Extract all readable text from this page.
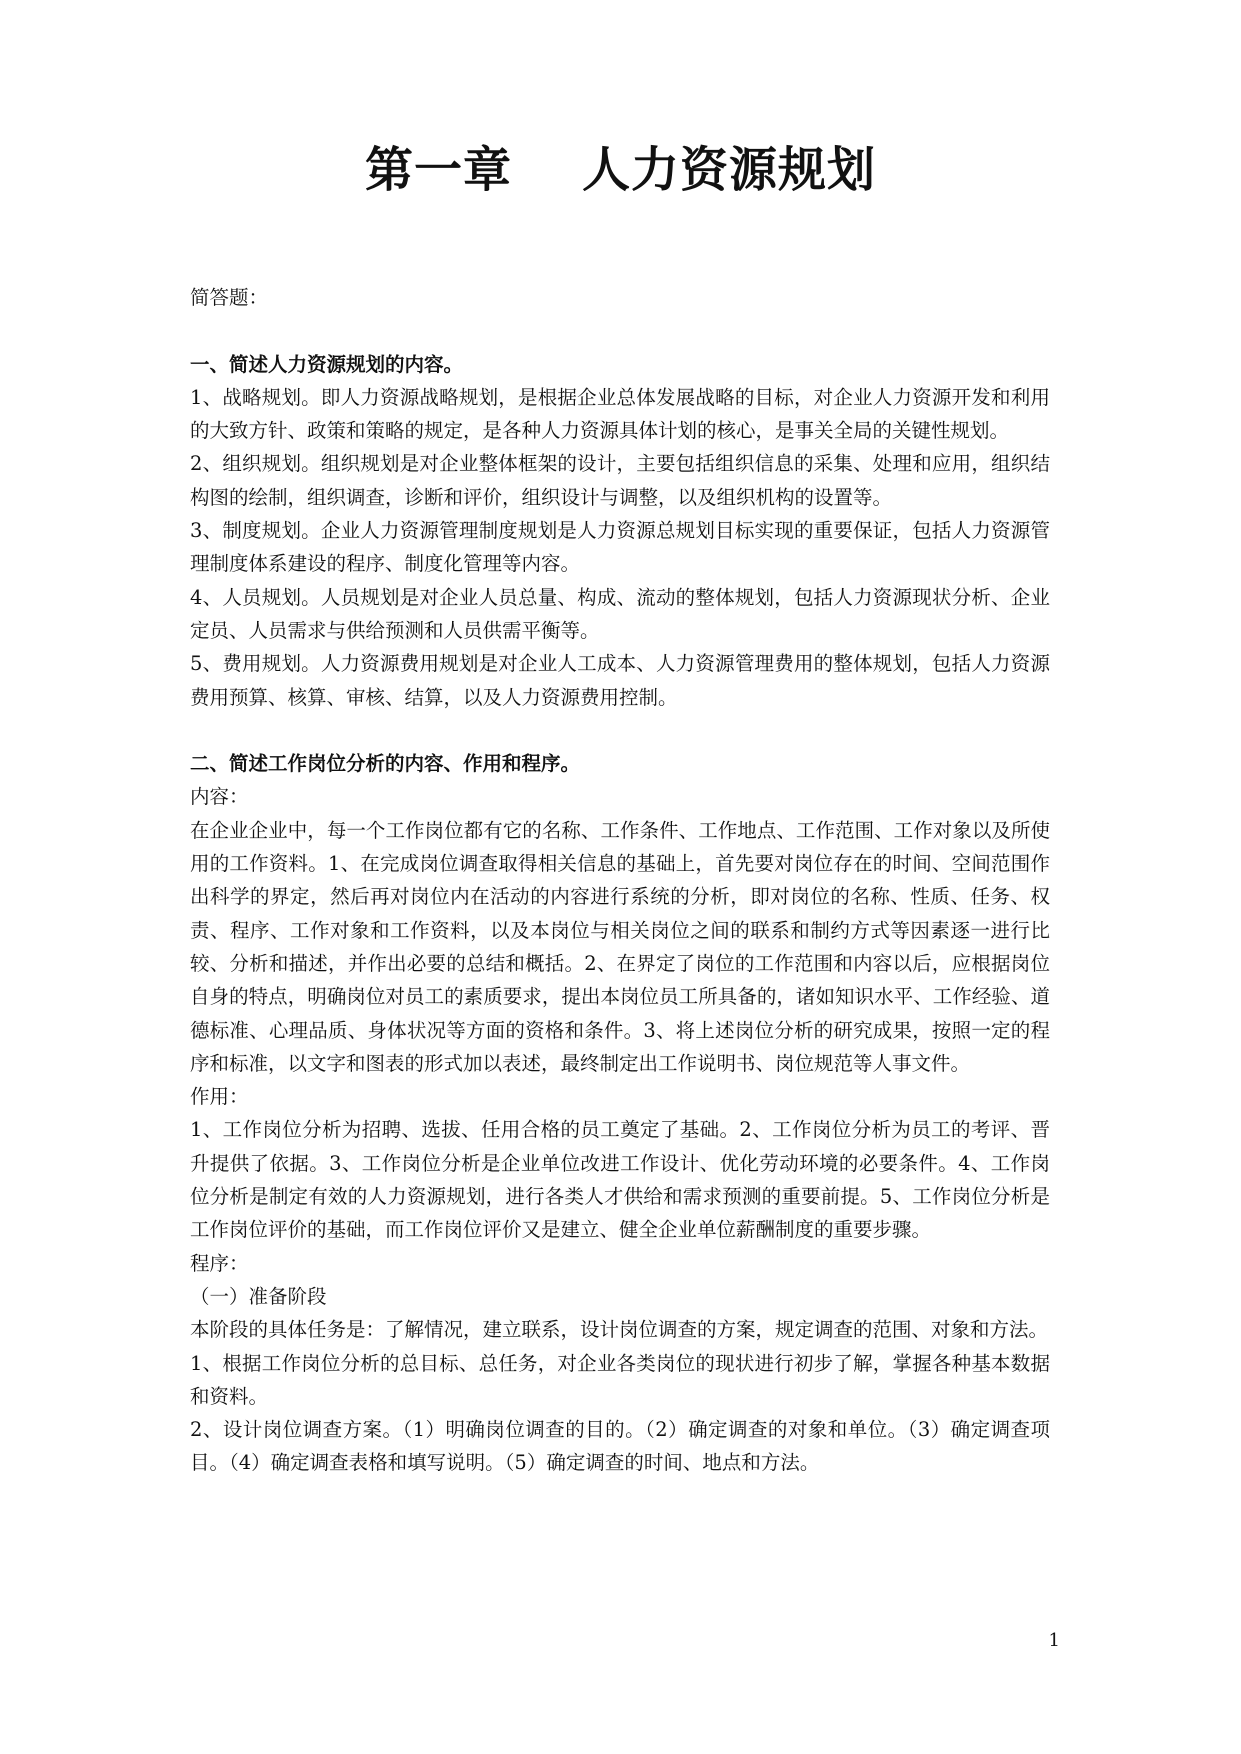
第一章 人力资源规划

简答题：

一、简述人力资源规划的内容。

1、战略规划。即人力资源战略规划，是根据企业总体发展战略的目标，对企业人力资源开发和利用的大致方针、政策和策略的规定，是各种人力资源具体计划的核心，是事关全局的关键性规划。

2、组织规划。组织规划是对企业整体框架的设计，主要包括组织信息的采集、处理和应用，组织结构图的绘制，组织调查，诊断和评价，组织设计与调整，以及组织机构的设置等。

3、制度规划。企业人力资源管理制度规划是人力资源总规划目标实现的重要保证，包括人力资源管理制度体系建设的程序、制度化管理等内容。

4、人员规划。人员规划是对企业人员总量、构成、流动的整体规划，包括人力资源现状分析、企业定员、人员需求与供给预测和人员供需平衡等。

5、费用规划。人力资源费用规划是对企业人工成本、人力资源管理费用的整体规划，包括人力资源费用预算、核算、审核、结算，以及人力资源费用控制。

二、简述工作岗位分析的内容、作用和程序。

内容：

在企业企业中，每一个工作岗位都有它的名称、工作条件、工作地点、工作范围、工作对象以及所使用的工作资料。1、在完成岗位调查取得相关信息的基础上，首先要对岗位存在的时间、空间范围作出科学的界定，然后再对岗位内在活动的内容进行系统的分析，即对岗位的名称、性质、任务、权责、程序、工作对象和工作资料，以及本岗位与相关岗位之间的联系和制约方式等因素逐一进行比较、分析和描述，并作出必要的总结和概括。2、在界定了岗位的工作范围和内容以后，应根据岗位自身的特点，明确岗位对员工的素质要求，提出本岗位员工所具备的，诸如知识水平、工作经验、道德标准、心理品质、身体状况等方面的资格和条件。3、将上述岗位分析的研究成果，按照一定的程序和标准，以文字和图表的形式加以表述，最终制定出工作说明书、岗位规范等人事文件。

作用：

1、工作岗位分析为招聘、选拔、任用合格的员工奠定了基础。2、工作岗位分析为员工的考评、晋升提供了依据。3、工作岗位分析是企业单位改进工作设计、优化劳动环境的必要条件。4、工作岗位分析是制定有效的人力资源规划，进行各类人才供给和需求预测的重要前提。5、工作岗位分析是工作岗位评价的基础，而工作岗位评价又是建立、健全企业单位薪酬制度的重要步骤。

程序：

（一）准备阶段

本阶段的具体任务是：了解情况，建立联系，设计岗位调查的方案，规定调查的范围、对象和方法。

1、根据工作岗位分析的总目标、总任务，对企业各类岗位的现状进行初步了解，掌握各种基本数据和资料。

2、设计岗位调查方案。（1）明确岗位调查的目的。（2）确定调查的对象和单位。（3）确定调查项目。（4）确定调查表格和填写说明。（5）确定调查的时间、地点和方法。

1
